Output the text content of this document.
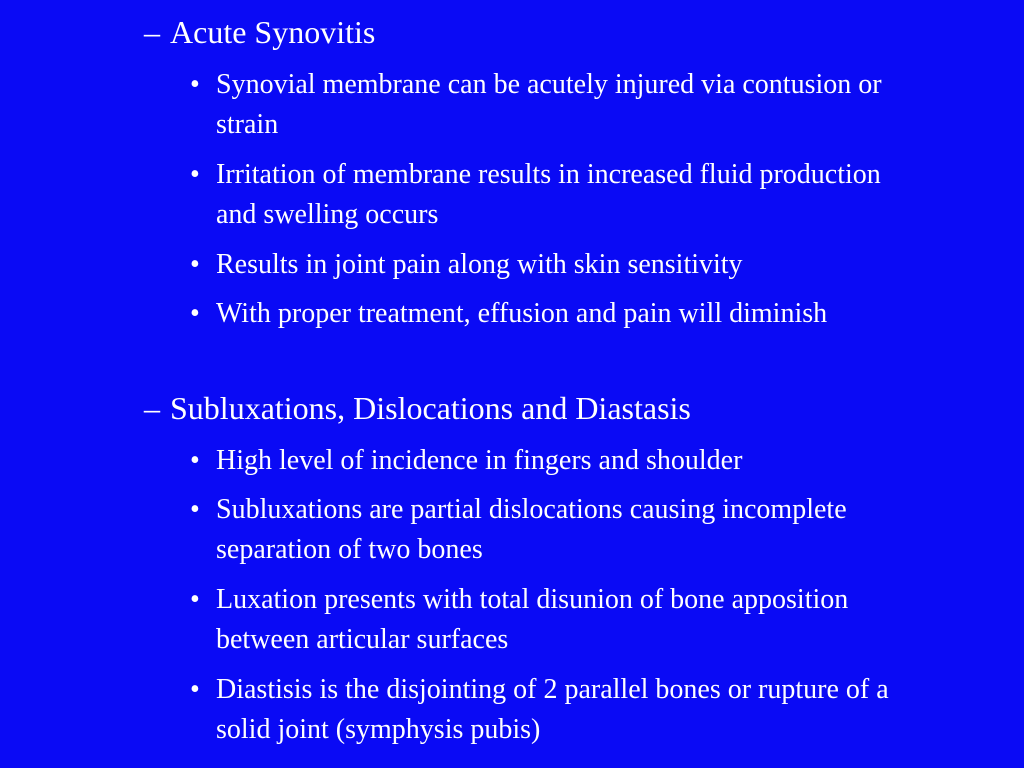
– Acute Synovitis
• Synovial membrane can be acutely injured via contusion or strain
• Irritation of membrane results in increased fluid production and swelling occurs
• Results in joint pain along with skin sensitivity
• With proper treatment, effusion and pain will diminish
– Subluxations, Dislocations and Diastasis
• High level of incidence in fingers and shoulder
• Subluxations are partial dislocations causing incomplete separation of two bones
• Luxation presents with total disunion of bone apposition between articular surfaces
• Diastisis is the disjointing of 2 parallel bones or rupture of a solid joint (symphysis pubis)
